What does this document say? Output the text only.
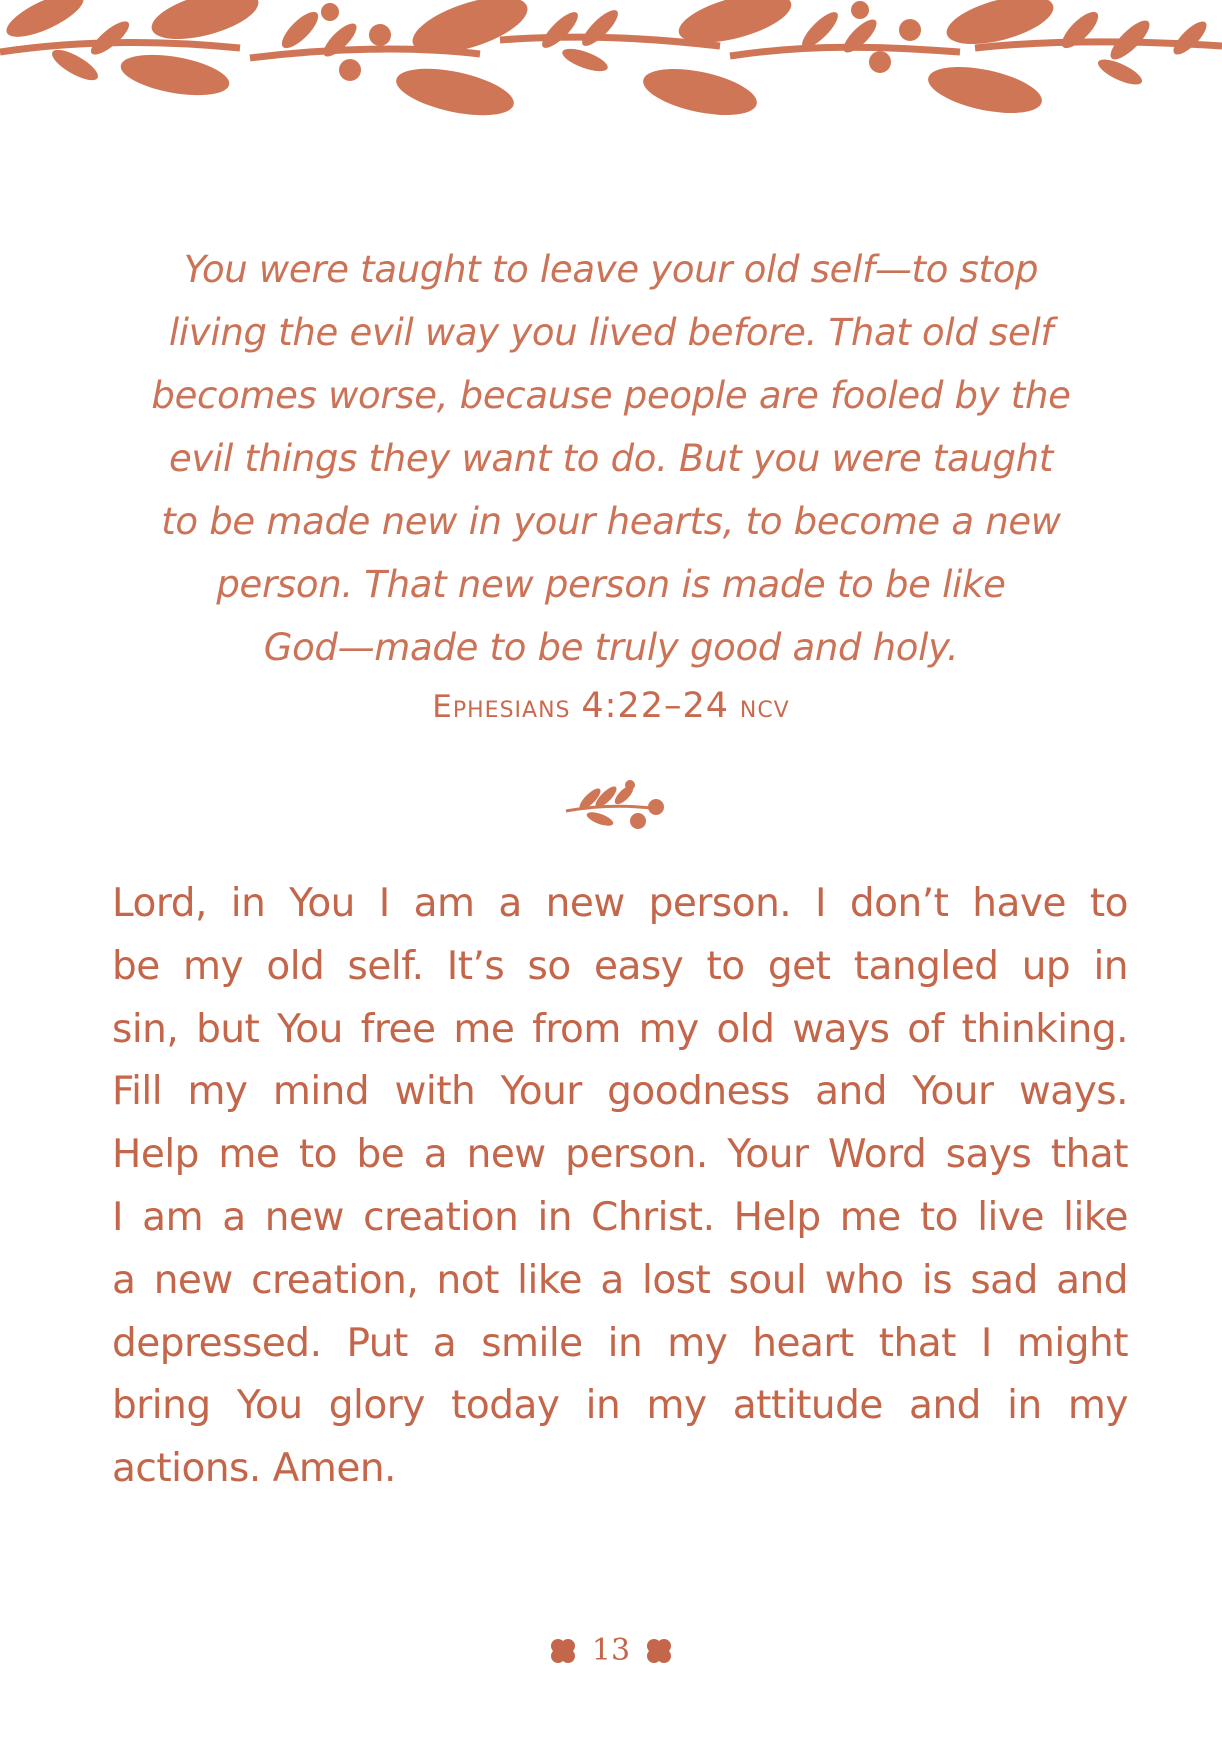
You were taught to leave your old self—to stop
living the evil way you lived before. That old self
becomes worse, because people are fooled by the
evil things they want to do. But you were taught
to be made new in your hearts, to become a new
person. That new person is made to be like
God—made to be truly good and holy.
Ephesians 4:22–24 ncv
Lord, in You I am a new person. I don’t have to
be my old self. It’s so easy to get tangled up in
sin, but You free me from my old ways of thinking.
Fill my mind with Your goodness and Your ways.
Help me to be a new person. Your Word says that
I am a new creation in Christ. Help me to live like
a new creation, not like a lost soul who is sad and
depressed. Put a smile in my heart that I might
bring You glory today in my attitude and in my
actions. Amen.
13
